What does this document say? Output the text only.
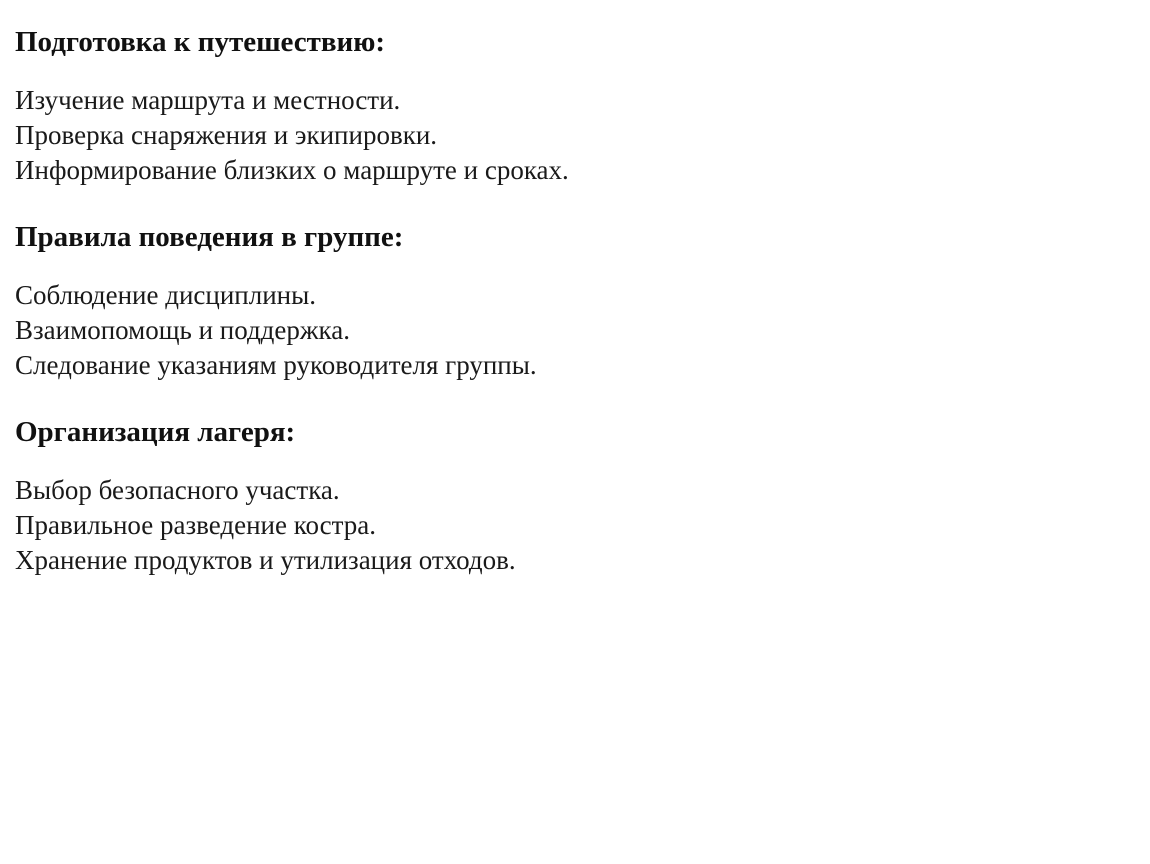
Подготовка к путешествию:
Изучение маршрута и местности.
Проверка снаряжения и экипировки.
Информирование близких о маршруте и сроках.
Правила поведения в группе:
Соблюдение дисциплины.
Взаимопомощь и поддержка.
Следование указаниям руководителя группы.
Организация лагеря:
Выбор безопасного участка.
Правильное разведение костра.
Хранение продуктов и утилизация отходов.
